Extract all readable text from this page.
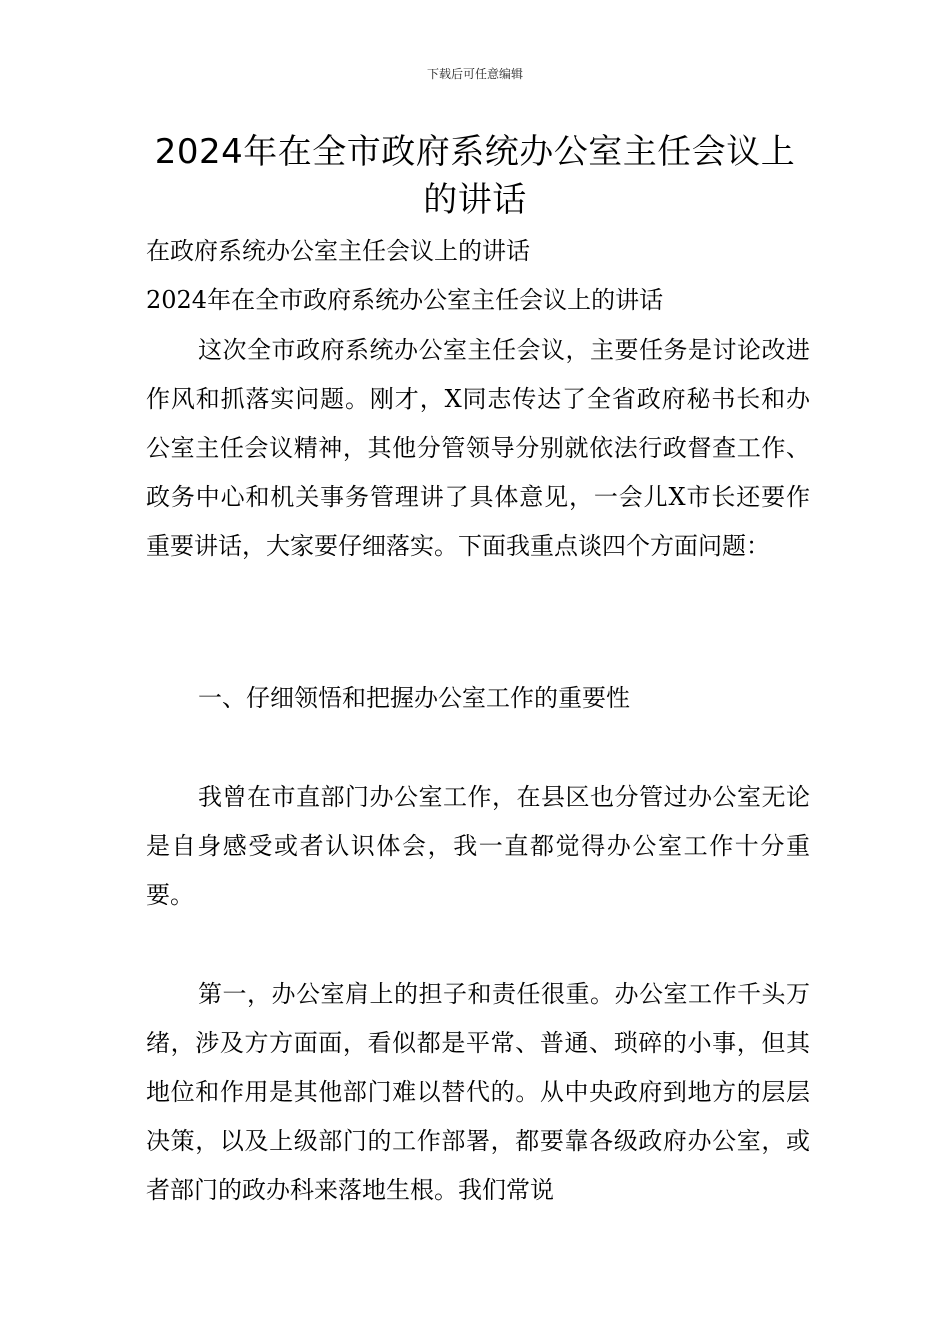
下载后可任意编辑
2024年在全市政府系统办公室主任会议上的讲话

在政府系统办公室主任会议上的讲话

2024年在全市政府系统办公室主任会议上的讲话

这次全市政府系统办公室主任会议，主要任务是讨论改进作风和抓落实问题。刚才，X同志传达了全省政府秘书长和办公室主任会议精神，其他分管领导分别就依法行政督查工作、政务中心和机关事务管理讲了具体意见，一会儿X市长还要作重要讲话，大家要仔细落实。下面我重点谈四个方面问题：

一、仔细领悟和把握办公室工作的重要性

我曾在市直部门办公室工作，在县区也分管过办公室无论是自身感受或者认识体会，我一直都觉得办公室工作十分重要。

第一，办公室肩上的担子和责任很重。办公室工作千头万绪，涉及方方面面，看似都是平常、普通、琐碎的小事，但其地位和作用是其他部门难以替代的。从中央政府到地方的层层决策，以及上级部门的工作部署，都要靠各级政府办公室，或者部门的政办科来落地生根。我们常说
